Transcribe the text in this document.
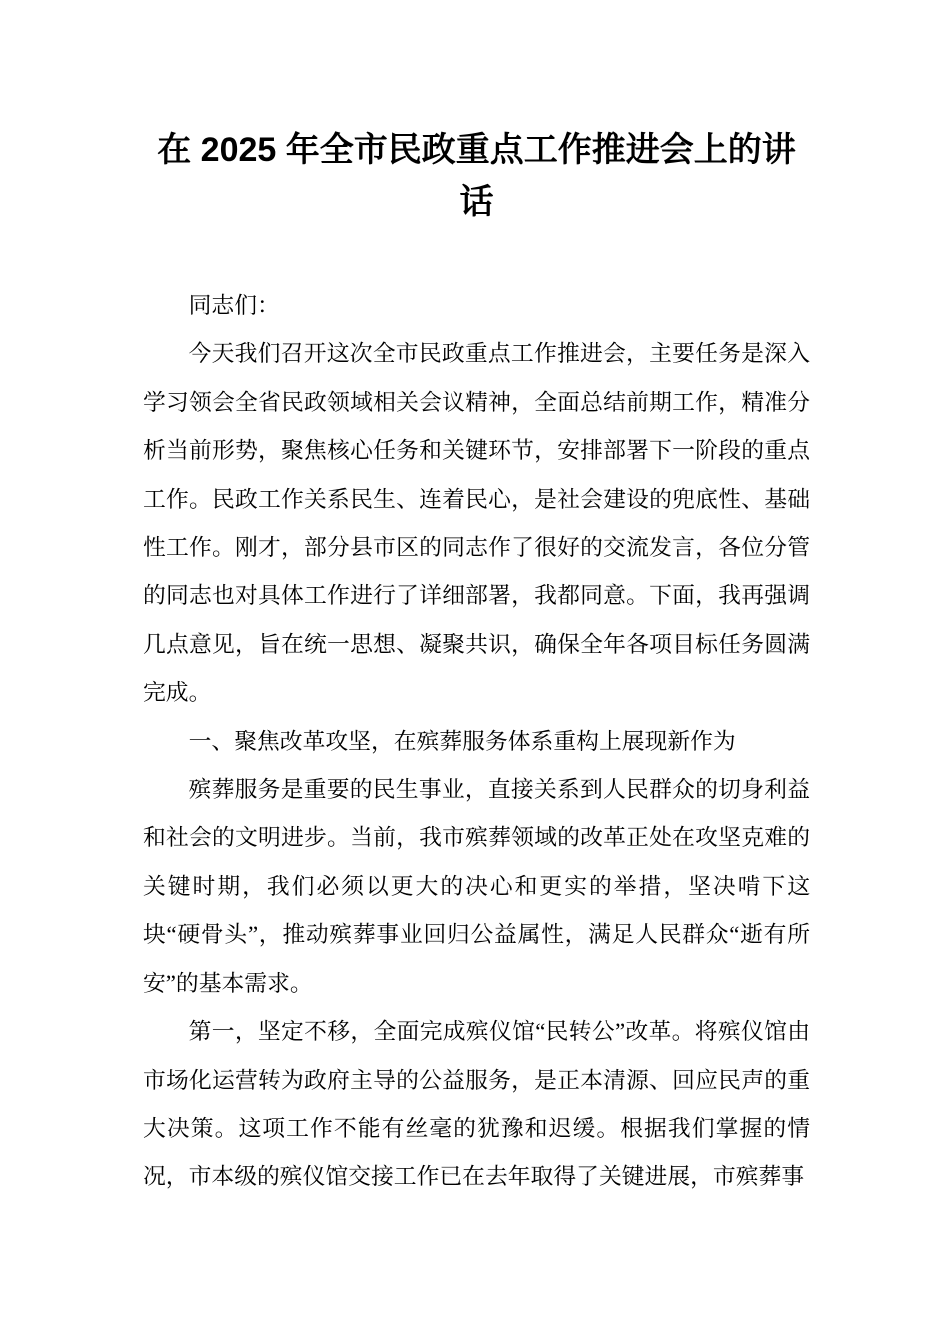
在 2025 年全市民政重点工作推进会上的讲话

同志们：

今天我们召开这次全市民政重点工作推进会，主要任务是深入学习领会全省民政领域相关会议精神，全面总结前期工作，精准分析当前形势，聚焦核心任务和关键环节，安排部署下一阶段的重点工作。民政工作关系民生、连着民心，是社会建设的兜底性、基础性工作。刚才，部分县市区的同志作了很好的交流发言，各位分管的同志也对具体工作进行了详细部署，我都同意。下面，我再强调几点意见，旨在统一思想、凝聚共识，确保全年各项目标任务圆满完成。

一、聚焦改革攻坚，在殡葬服务体系重构上展现新作为

殡葬服务是重要的民生事业，直接关系到人民群众的切身利益和社会的文明进步。当前，我市殡葬领域的改革正处在攻坚克难的关键时期，我们必须以更大的决心和更实的举措，坚决啃下这块“硬骨头”，推动殡葬事业回归公益属性，满足人民群众“逝有所安”的基本需求。

第一，坚定不移，全面完成殡仪馆“民转公”改革。将殡仪馆由市场化运营转为政府主导的公益服务，是正本清源、回应民声的重大决策。这项工作不能有丝毫的犹豫和迟缓。根据我们掌握的情况，市本级的殡仪馆交接工作已在去年取得了关键进展，市殡葬事
